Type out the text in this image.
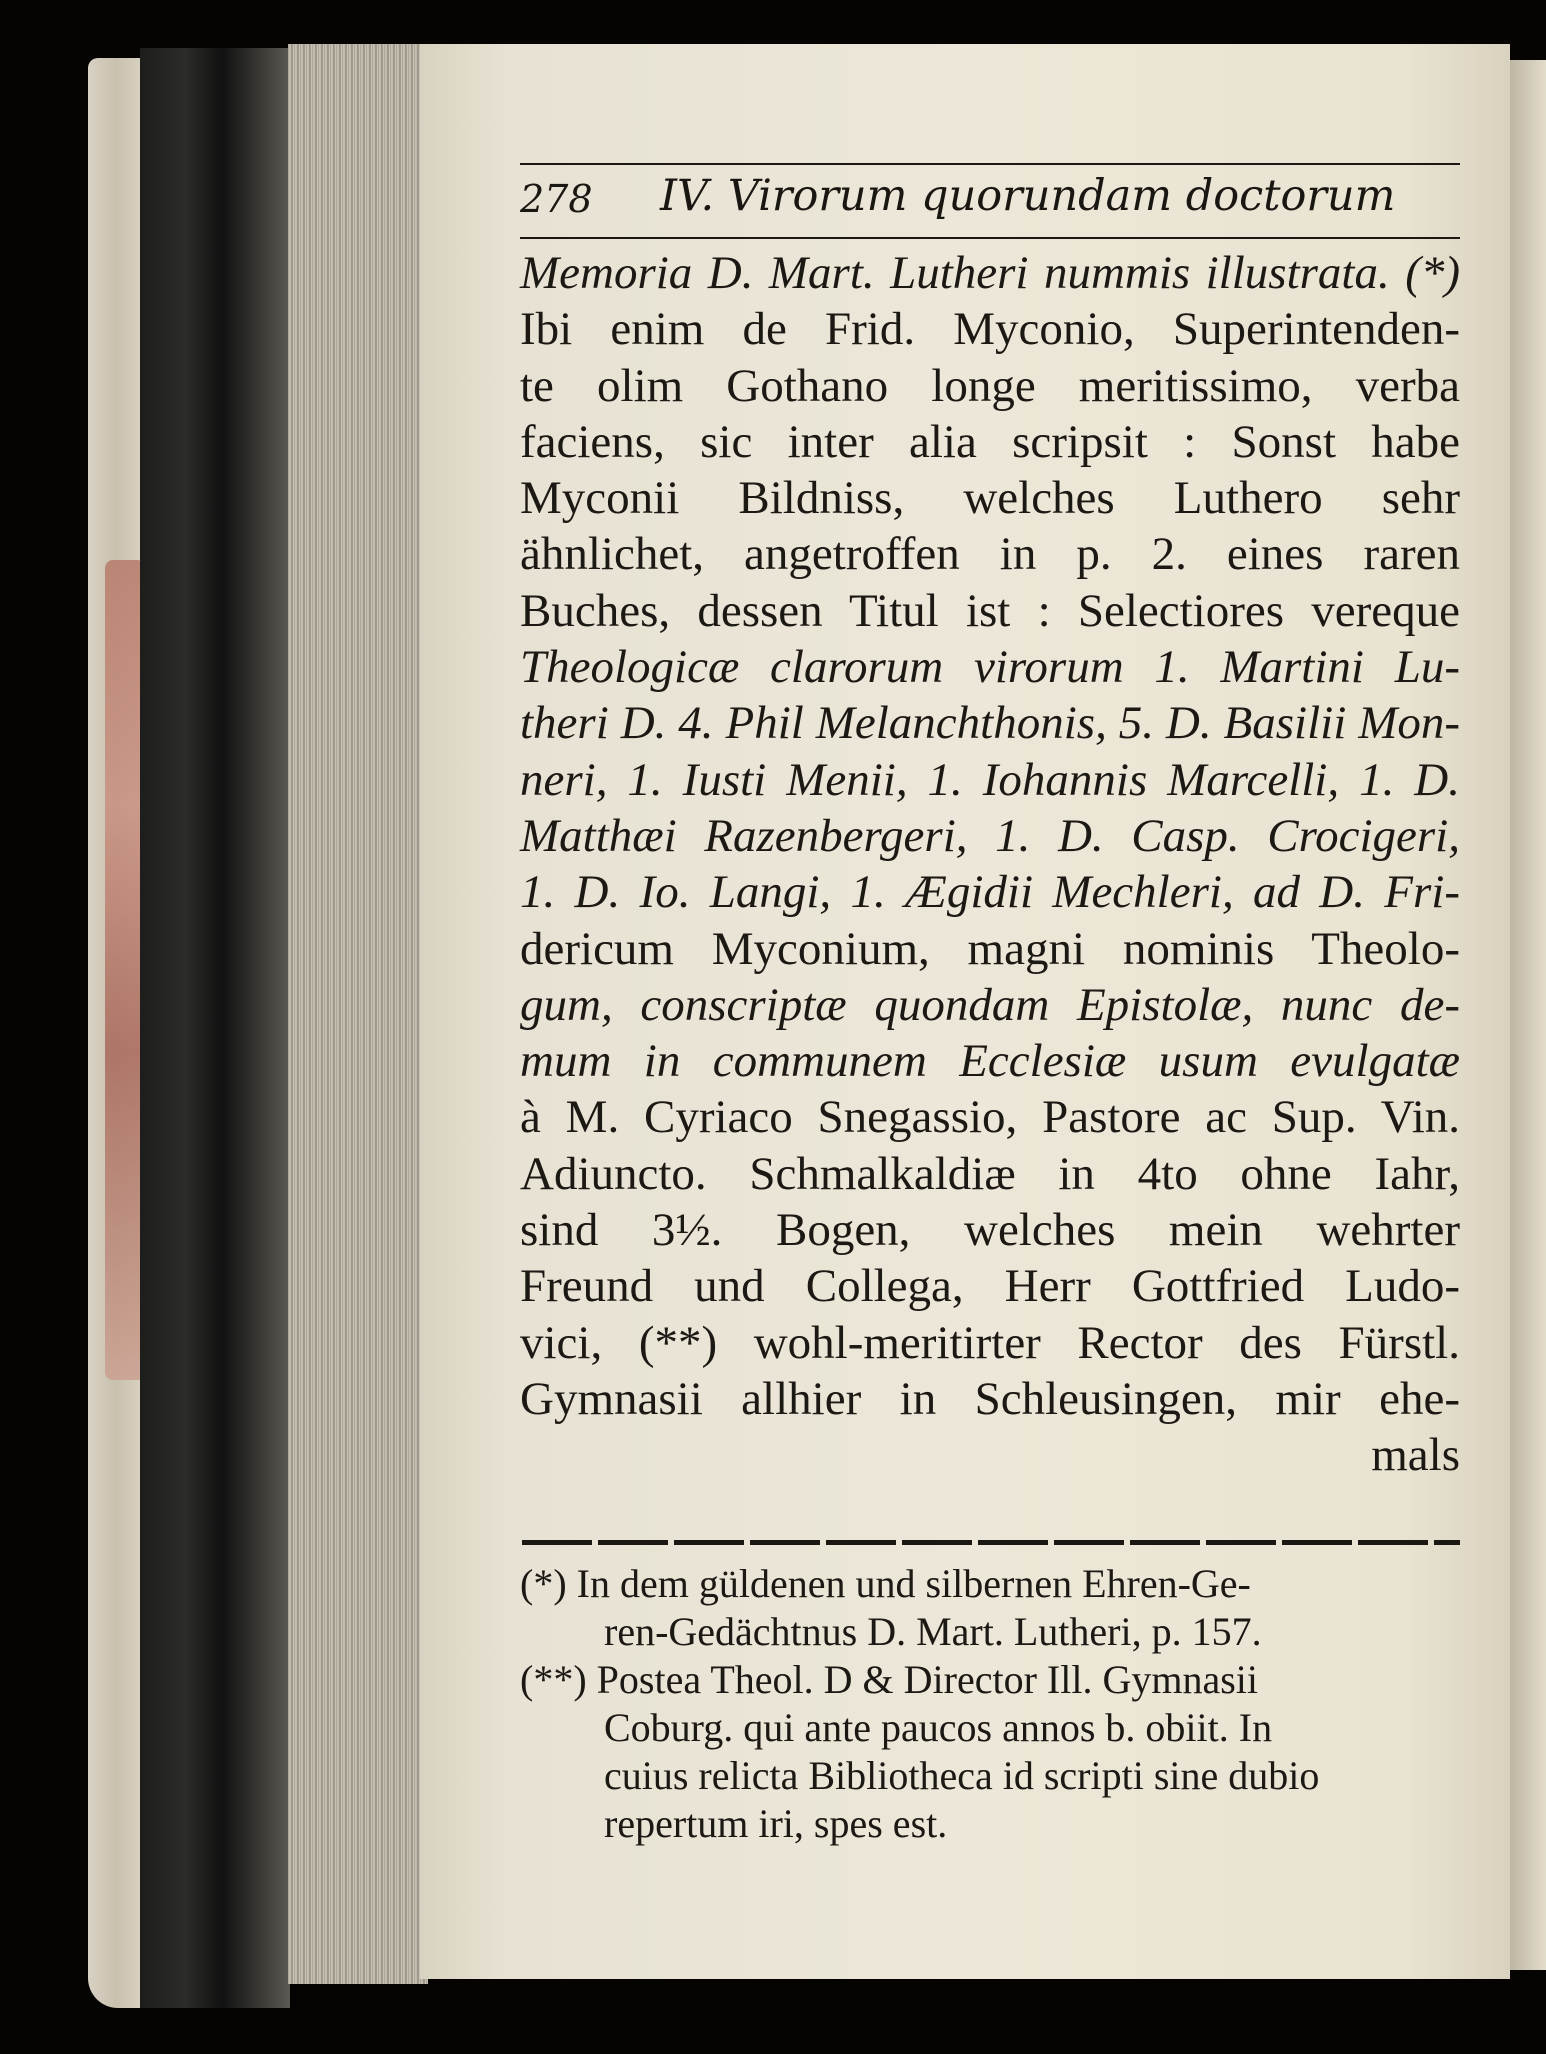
278 IV. Virorum quorundam doctorum
Memoria D. Mart. Lutheri nummis illustrata. (*)
Ibi enim de Frid. Myconio, Superintenden-
te olim Gothano longe meritissimo, verba
faciens, sic inter alia scripsit : Sonst habe
Myconii Bildniss, welches Luthero sehr
ähnlichet, angetroffen in p. 2. eines raren
Buches, dessen Titul ist : Selectiores vereque
Theologicæ clarorum virorum 1. Martini Lu-
theri D. 4. Phil Melanchthonis, 5. D. Basilii Mon-
neri, 1. Iusti Menii, 1. Iohannis Marcelli, 1. D.
Matthæi Razenbergeri, 1. D. Casp. Crocigeri,
1. D. Io. Langi, 1. Ægidii Mechleri, ad D. Fri-
dericum Myconium, magni nominis Theolo-
gum, conscriptæ quondam Epistolæ, nunc de-
mum in communem Ecclesiæ usum evulgatæ
à M. Cyriaco Snegassio, Pastore ac Sup. Vin.
Adiuncto. Schmalkaldiæ in 4to ohne Iahr,
sind 3½. Bogen, welches mein wehrter
Freund und Collega, Herr Gottfried Ludo-
vici, (**) wohl-meritirter Rector des Fürstl.
Gymnasii allhier in Schleusingen, mir ehe-
mals
(*) In dem güldenen und silbernen Ehren-Ge-
ren-Gedächtnus D. Mart. Lutheri, p. 157.
(**) Postea Theol. D & Director Ill. Gymnasii
Coburg. qui ante paucos annos b. obiit. In
cuius relicta Bibliotheca id scripti sine dubio
repertum iri, spes est.
